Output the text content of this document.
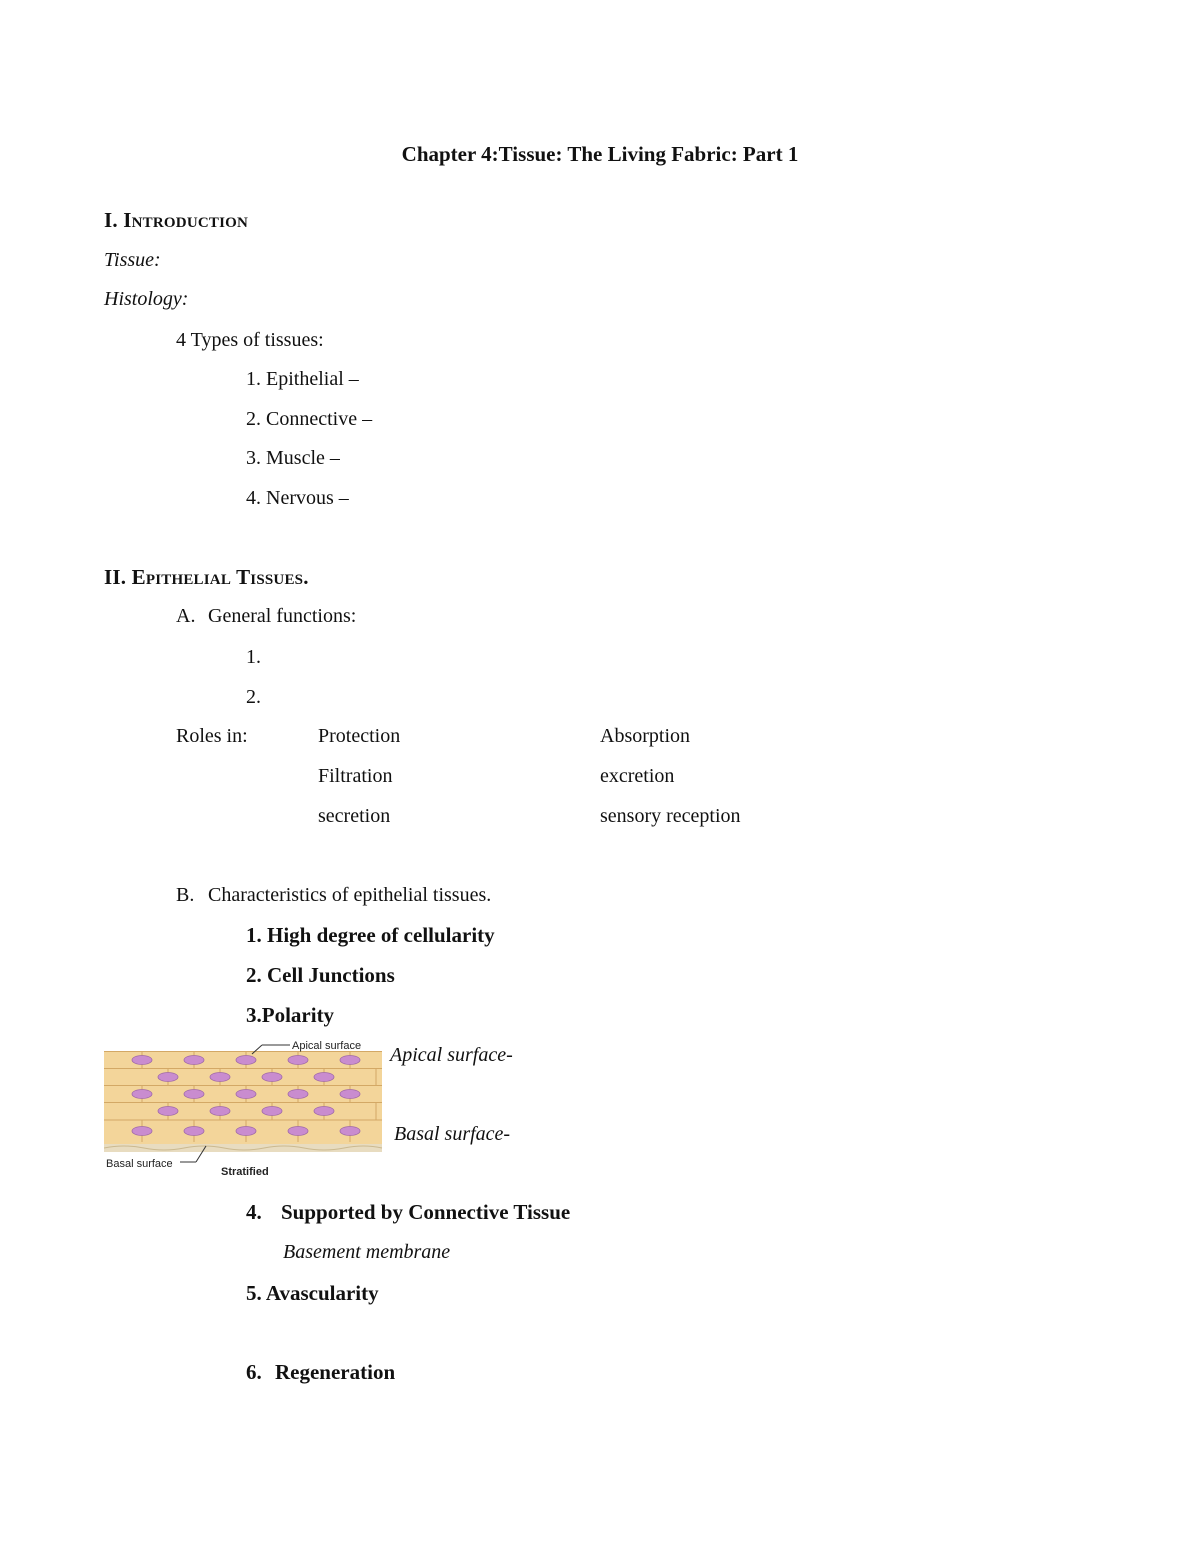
Chapter 4:Tissue: The Living Fabric: Part 1
I. Introduction
Tissue:
Histology:
4 Types of tissues:
1. Epithelial –
2. Connective –
3. Muscle –
4. Nervous –
II. Epithelial Tissues.
A. General functions:
1.
2.
Roles in:	Protection
Filtration
secretion
Absorption
excretion
sensory reception
B. Characteristics of epithelial tissues.
1. High degree of cellularity
2. Cell Junctions
3.Polarity
Apical surface
Basal surface
Stratified
Apical surface-
Basal surface-
4. Supported by Connective Tissue
Basement membrane
5. Avascularity
6. Regeneration
